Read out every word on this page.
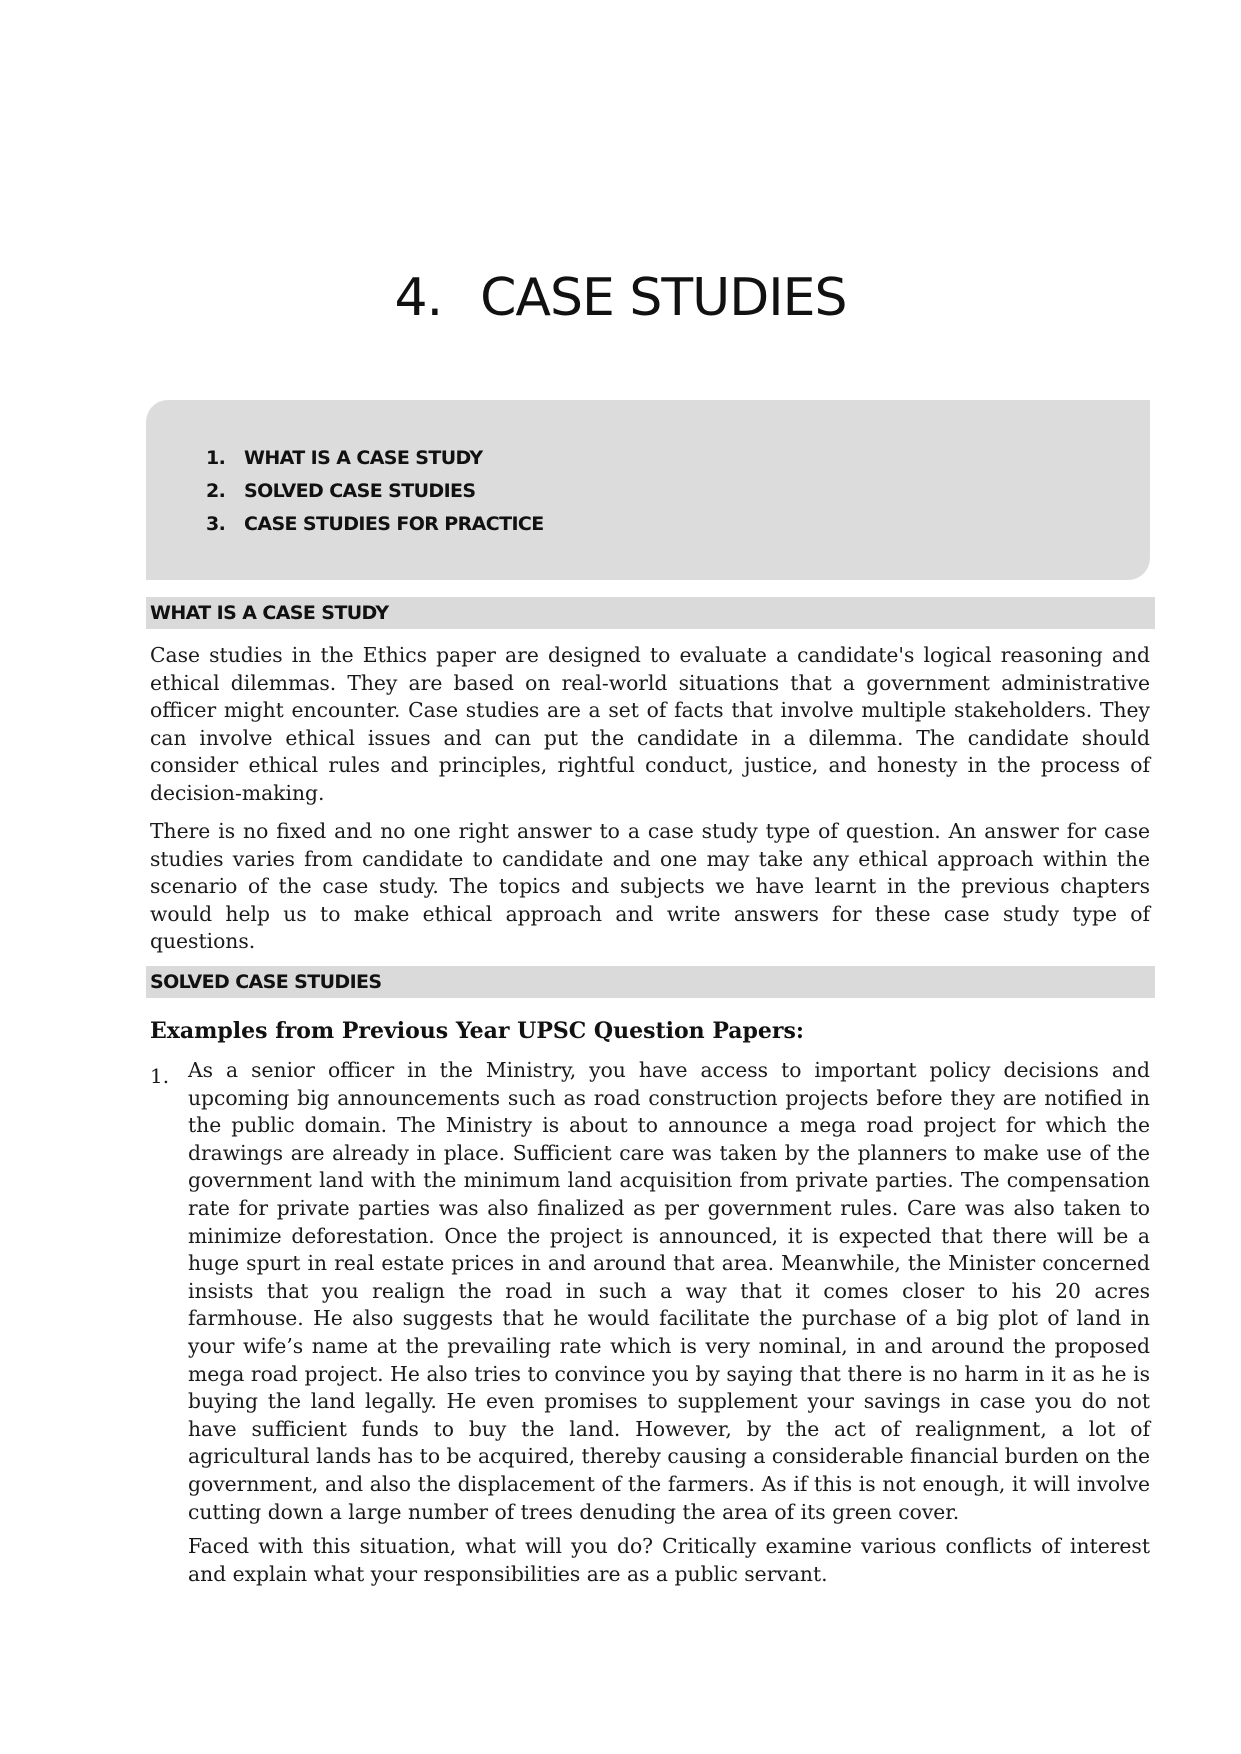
4. CASE STUDIES
1. WHAT IS A CASE STUDY
2. SOLVED CASE STUDIES
3. CASE STUDIES FOR PRACTICE
WHAT IS A CASE STUDY

Case studies in the Ethics paper are designed to evaluate a candidate's logical reasoning and ethical dilemmas. They are based on real-world situations that a government administrative officer might encounter. Case studies are a set of facts that involve multiple stakeholders. They can involve ethical issues and can put the candidate in a dilemma. The candidate should consider ethical rules and principles, rightful conduct, justice, and honesty in the process of decision-making.

There is no fixed and no one right answer to a case study type of question. An answer for case studies varies from candidate to candidate and one may take any ethical approach within the scenario of the case study. The topics and subjects we have learnt in the previous chapters would help us to make ethical approach and write answers for these case study type of questions.

SOLVED CASE STUDIES
Examples from Previous Year UPSC Question Papers:
1. As a senior officer in the Ministry, you have access to important policy decisions and upcoming big announcements such as road construction projects before they are notified in the public domain. The Ministry is about to announce a mega road project for which the drawings are already in place. Sufficient care was taken by the planners to make use of the government land with the minimum land acquisition from private parties. The compensation rate for private parties was also finalized as per government rules. Care was also taken to minimize deforestation. Once the project is announced, it is expected that there will be a huge spurt in real estate prices in and around that area. Meanwhile, the Minister concerned insists that you realign the road in such a way that it comes closer to his 20 acres farmhouse. He also suggests that he would facilitate the purchase of a big plot of land in your wife’s name at the prevailing rate which is very nominal, in and around the proposed mega road project. He also tries to convince you by saying that there is no harm in it as he is buying the land legally. He even promises to supplement your savings in case you do not have sufficient funds to buy the land. However, by the act of realignment, a lot of agricultural lands has to be acquired, thereby causing a considerable financial burden on the government, and also the displacement of the farmers. As if this is not enough, it will involve cutting down a large number of trees denuding the area of its green cover.

Faced with this situation, what will you do? Critically examine various conflicts of interest and explain what your responsibilities are as a public servant.
